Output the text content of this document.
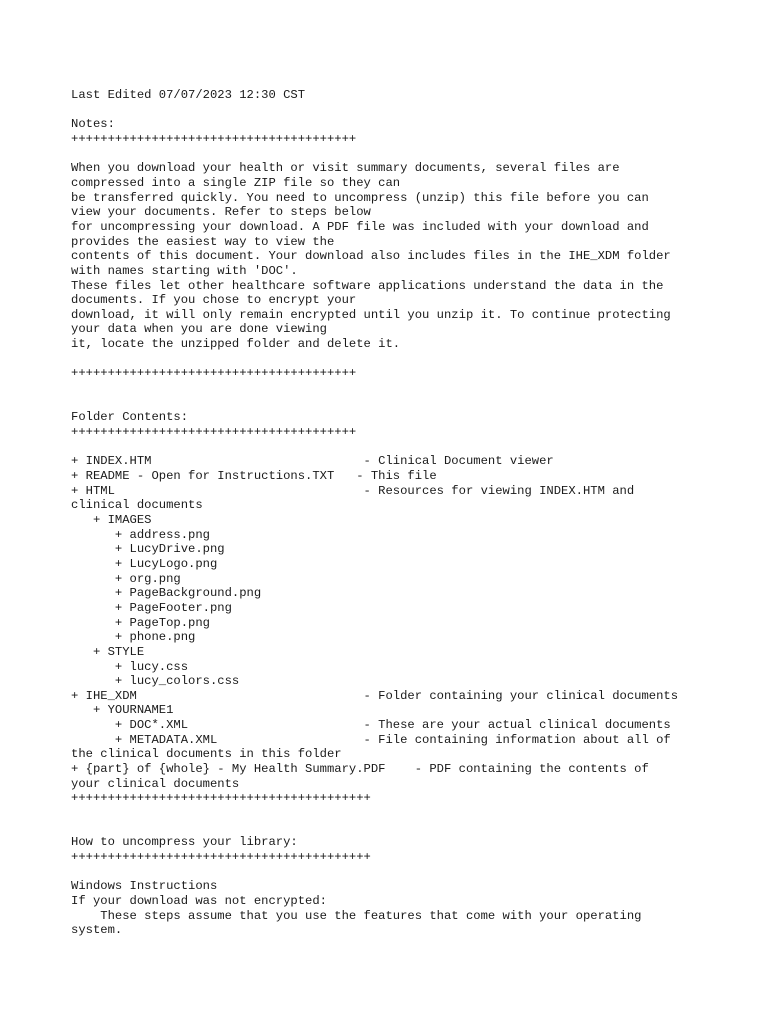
Last Edited 07/07/2023 12:30 CST
Notes:
+++++++++++++++++++++++++++++++++++++++
When you download your health or visit summary documents, several files are
compressed into a single ZIP file so they can
be transferred quickly. You need to uncompress (unzip) this file before you can
view your documents. Refer to steps below
for uncompressing your download. A PDF file was included with your download and
provides the easiest way to view the
contents of this document. Your download also includes files in the IHE_XDM folder
with names starting with 'DOC'.
These files let other healthcare software applications understand the data in the
documents. If you chose to encrypt your
download, it will only remain encrypted until you unzip it. To continue protecting
your data when you are done viewing
it, locate the unzipped folder and delete it.
+++++++++++++++++++++++++++++++++++++++
Folder Contents:
+++++++++++++++++++++++++++++++++++++++
+ INDEX.HTM                             - Clinical Document viewer
+ README - Open for Instructions.TXT   - This file
+ HTML                                  - Resources for viewing INDEX.HTM and
clinical documents
+ IMAGES
+ address.png
+ LucyDrive.png
+ LucyLogo.png
+ org.png
+ PageBackground.png
+ PageFooter.png
+ PageTop.png
+ phone.png
+ STYLE
+ lucy.css
+ lucy_colors.css
+ IHE_XDM                               - Folder containing your clinical documents
+ YOURNAME1
+ DOC*.XML                        - These are your actual clinical documents
+ METADATA.XML                    - File containing information about all of
the clinical documents in this folder
+ {part} of {whole} - My Health Summary.PDF    - PDF containing the contents of
your clinical documents
+++++++++++++++++++++++++++++++++++++++++
How to uncompress your library:
+++++++++++++++++++++++++++++++++++++++++
Windows Instructions
If your download was not encrypted:
These steps assume that you use the features that come with your operating
system.
